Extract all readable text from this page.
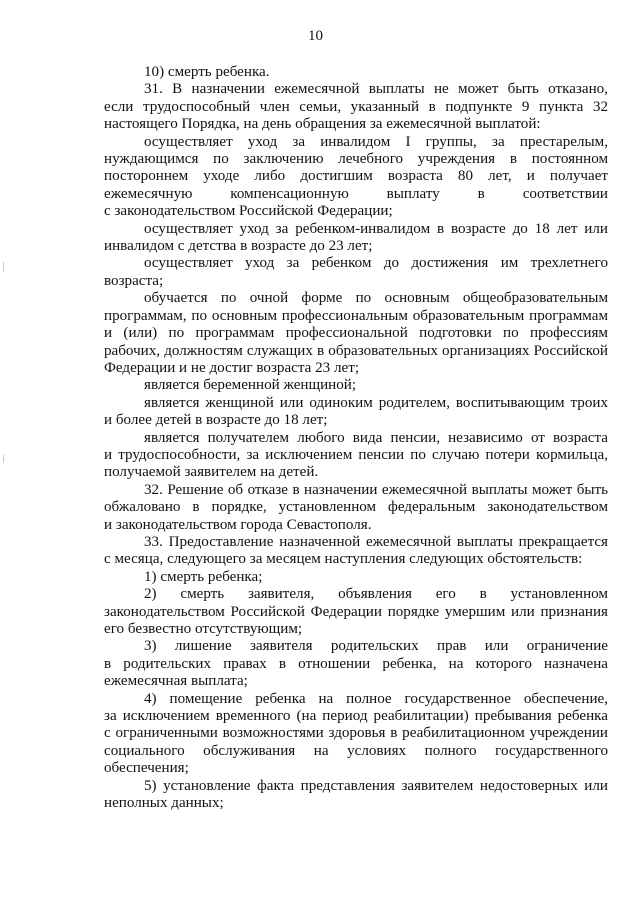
10
10) смерть ребенка.
31. В назначении ежемесячной выплаты не может быть отказано,
если трудоспособный член семьи, указанный в подпункте 9 пункта 32
настоящего Порядка, на день обращения за ежемесячной выплатой:
осуществляет уход за инвалидом I группы, за престарелым,
нуждающимся по заключению лечебного учреждения в постоянном
постороннем уходе либо достигшим возраста 80 лет, и получает
ежемесячную компенсационную выплату в соответствии
с законодательством Российской Федерации;
осуществляет уход за ребенком-инвалидом в возрасте до 18 лет или
инвалидом с детства в возрасте до 23 лет;
осуществляет уход за ребенком до достижения им трехлетнего
возраста;
обучается по очной форме по основным общеобразовательным
программам, по основным профессиональным образовательным программам
и (или) по программам профессиональной подготовки по профессиям
рабочих, должностям служащих в образовательных организациях Российской
Федерации и не достиг возраста 23 лет;
является беременной женщиной;
является женщиной или одиноким родителем, воспитывающим троих
и более детей в возрасте до 18 лет;
является получателем любого вида пенсии, независимо от возраста
и трудоспособности, за исключением пенсии по случаю потери кормильца,
получаемой заявителем на детей.
32. Решение об отказе в назначении ежемесячной выплаты может быть
обжаловано в порядке, установленном федеральным законодательством
и законодательством города Севастополя.
33. Предоставление назначенной ежемесячной выплаты прекращается
с месяца, следующего за месяцем наступления следующих обстоятельств:
1) смерть ребенка;
2) смерть заявителя, объявления его в установленном
законодательством Российской Федерации порядке умершим или признания
его безвестно отсутствующим;
3) лишение заявителя родительских прав или ограничение
в родительских правах в отношении ребенка, на которого назначена
ежемесячная выплата;
4) помещение ребенка на полное государственное обеспечение,
за исключением временного (на период реабилитации) пребывания ребенка
с ограниченными возможностями здоровья в реабилитационном учреждении
социального обслуживания на условиях полного государственного
обеспечения;
5) установление факта представления заявителем недостоверных или
неполных данных;
